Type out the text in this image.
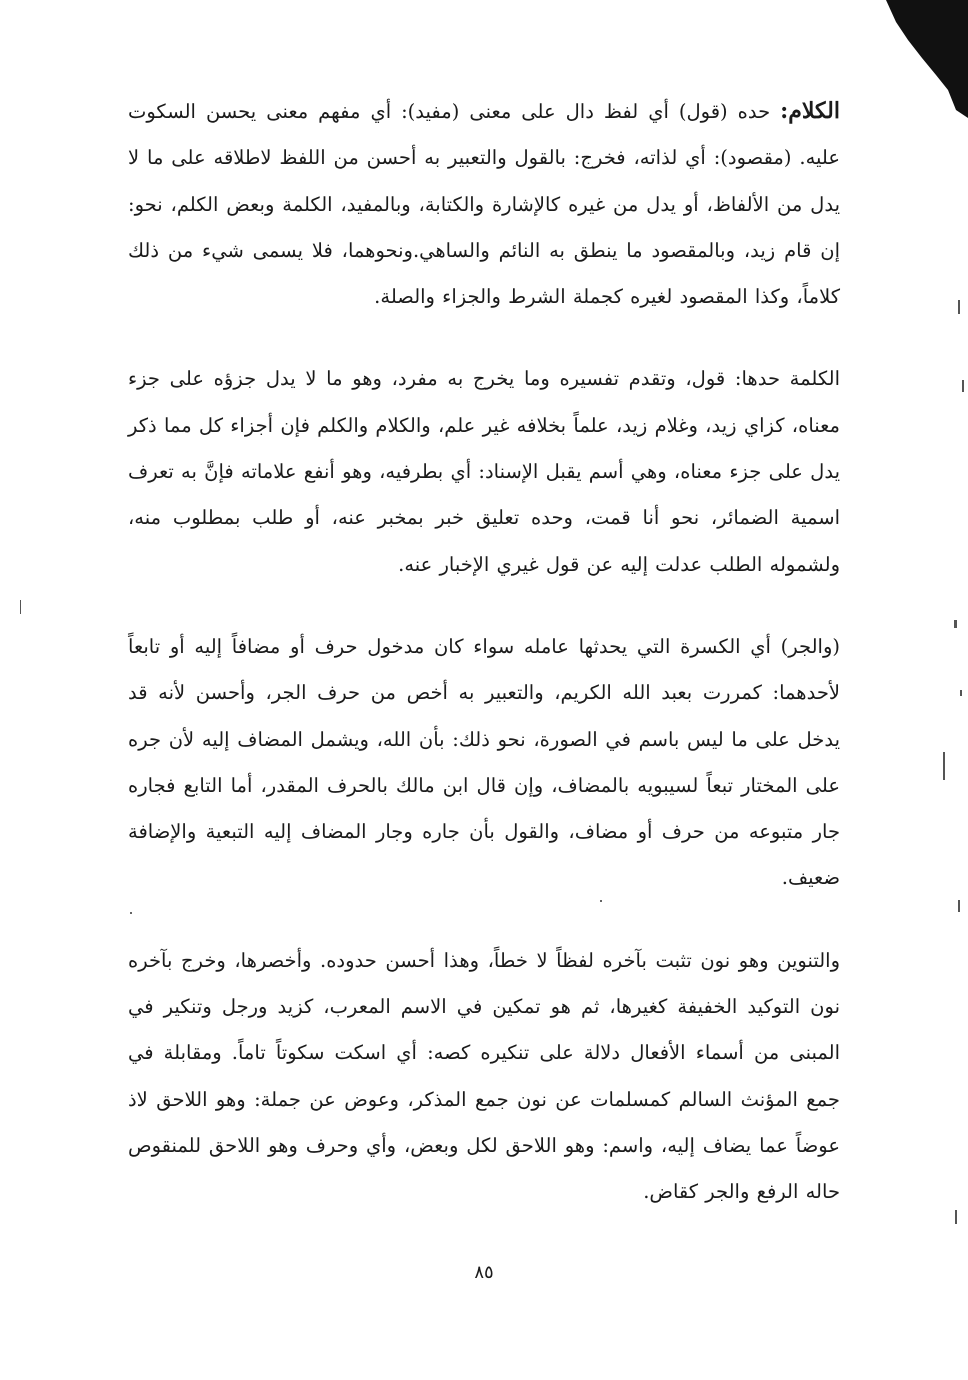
الكلام: حده (قول) أي لفظ دال على معنى (مفيد): أي مفهم معنى يحسن السكوت عليه. (مقصود): أي لذاته، فخرج: بالقول والتعبير به أحسن من اللفظ لاطلاقه على ما لا يدل من الألفاظ، أو يدل من غيره كالإشارة والكتابة، وبالمفيد، الكلمة وبعض الكلم، نحو: إن قام زيد، وبالمقصود ما ينطق به النائم والساهي.ونحوهما، فلا يسمى شيء من ذلك كلاماً، وكذا المقصود لغيره كجملة الشرط والجزاء والصلة.

الكلمة حدها: قول، وتقدم تفسيره وما يخرج به مفرد، وهو ما لا يدل جزؤه على جزء معناه، كزاي زيد، وغلام زيد، علماً بخلافه غير علم، والكلام والكلم فإن أجزاء كل مما ذكر يدل على جزء معناه، وهي أسم يقبل الإسناد: أي بطرفيه، وهو أنفع علاماته فإنَّ به تعرف اسمية الضمائر، نحو أنا قمت، وحده تعليق خبر بمخبر عنه، أو طلب بمطلوب منه، ولشموله الطلب عدلت إليه عن قول غيري الإخبار عنه.

(والجر) أي الكسرة التي يحدثها عامله سواء كان مدخول حرف أو مضافاً إليه أو تابعاً لأحدهما: كمررت بعبد الله الكريم، والتعبير به أخص من حرف الجر، وأحسن لأنه قد يدخل على ما ليس باسم في الصورة، نحو ذلك: بأن الله، ويشمل المضاف إليه لأن جره على المختار تبعاً لسيبويه بالمضاف، وإن قال ابن مالك بالحرف المقدر، أما التابع فجاره جار متبوعه من حرف أو مضاف، والقول بأن جاره وجار المضاف إليه التبعية والإضافة ضعيف.

والتنوين وهو نون تثبت بآخره لفظاً لا خطاً، وهذا أحسن حدوده. وأخصرها، وخرج بآخره نون التوكيد الخفيفة كغيرها، ثم هو تمكين في الاسم المعرب، كزيد ورجل وتنكير في المبنى من أسماء الأفعال دلالة على تنكيره كصه: أي اسكت سكوتاً تاماً. ومقابلة في جمع المؤنث السالم كمسلمات عن نون جمع المذكر، وعوض عن جملة: وهو اللاحق لاذ عوضاً عما يضاف إليه، واسم: وهو اللاحق لكل وبعض، وأي وحرف وهو اللاحق للمنقوص حاله الرفع والجر كقاض.

٨٥
